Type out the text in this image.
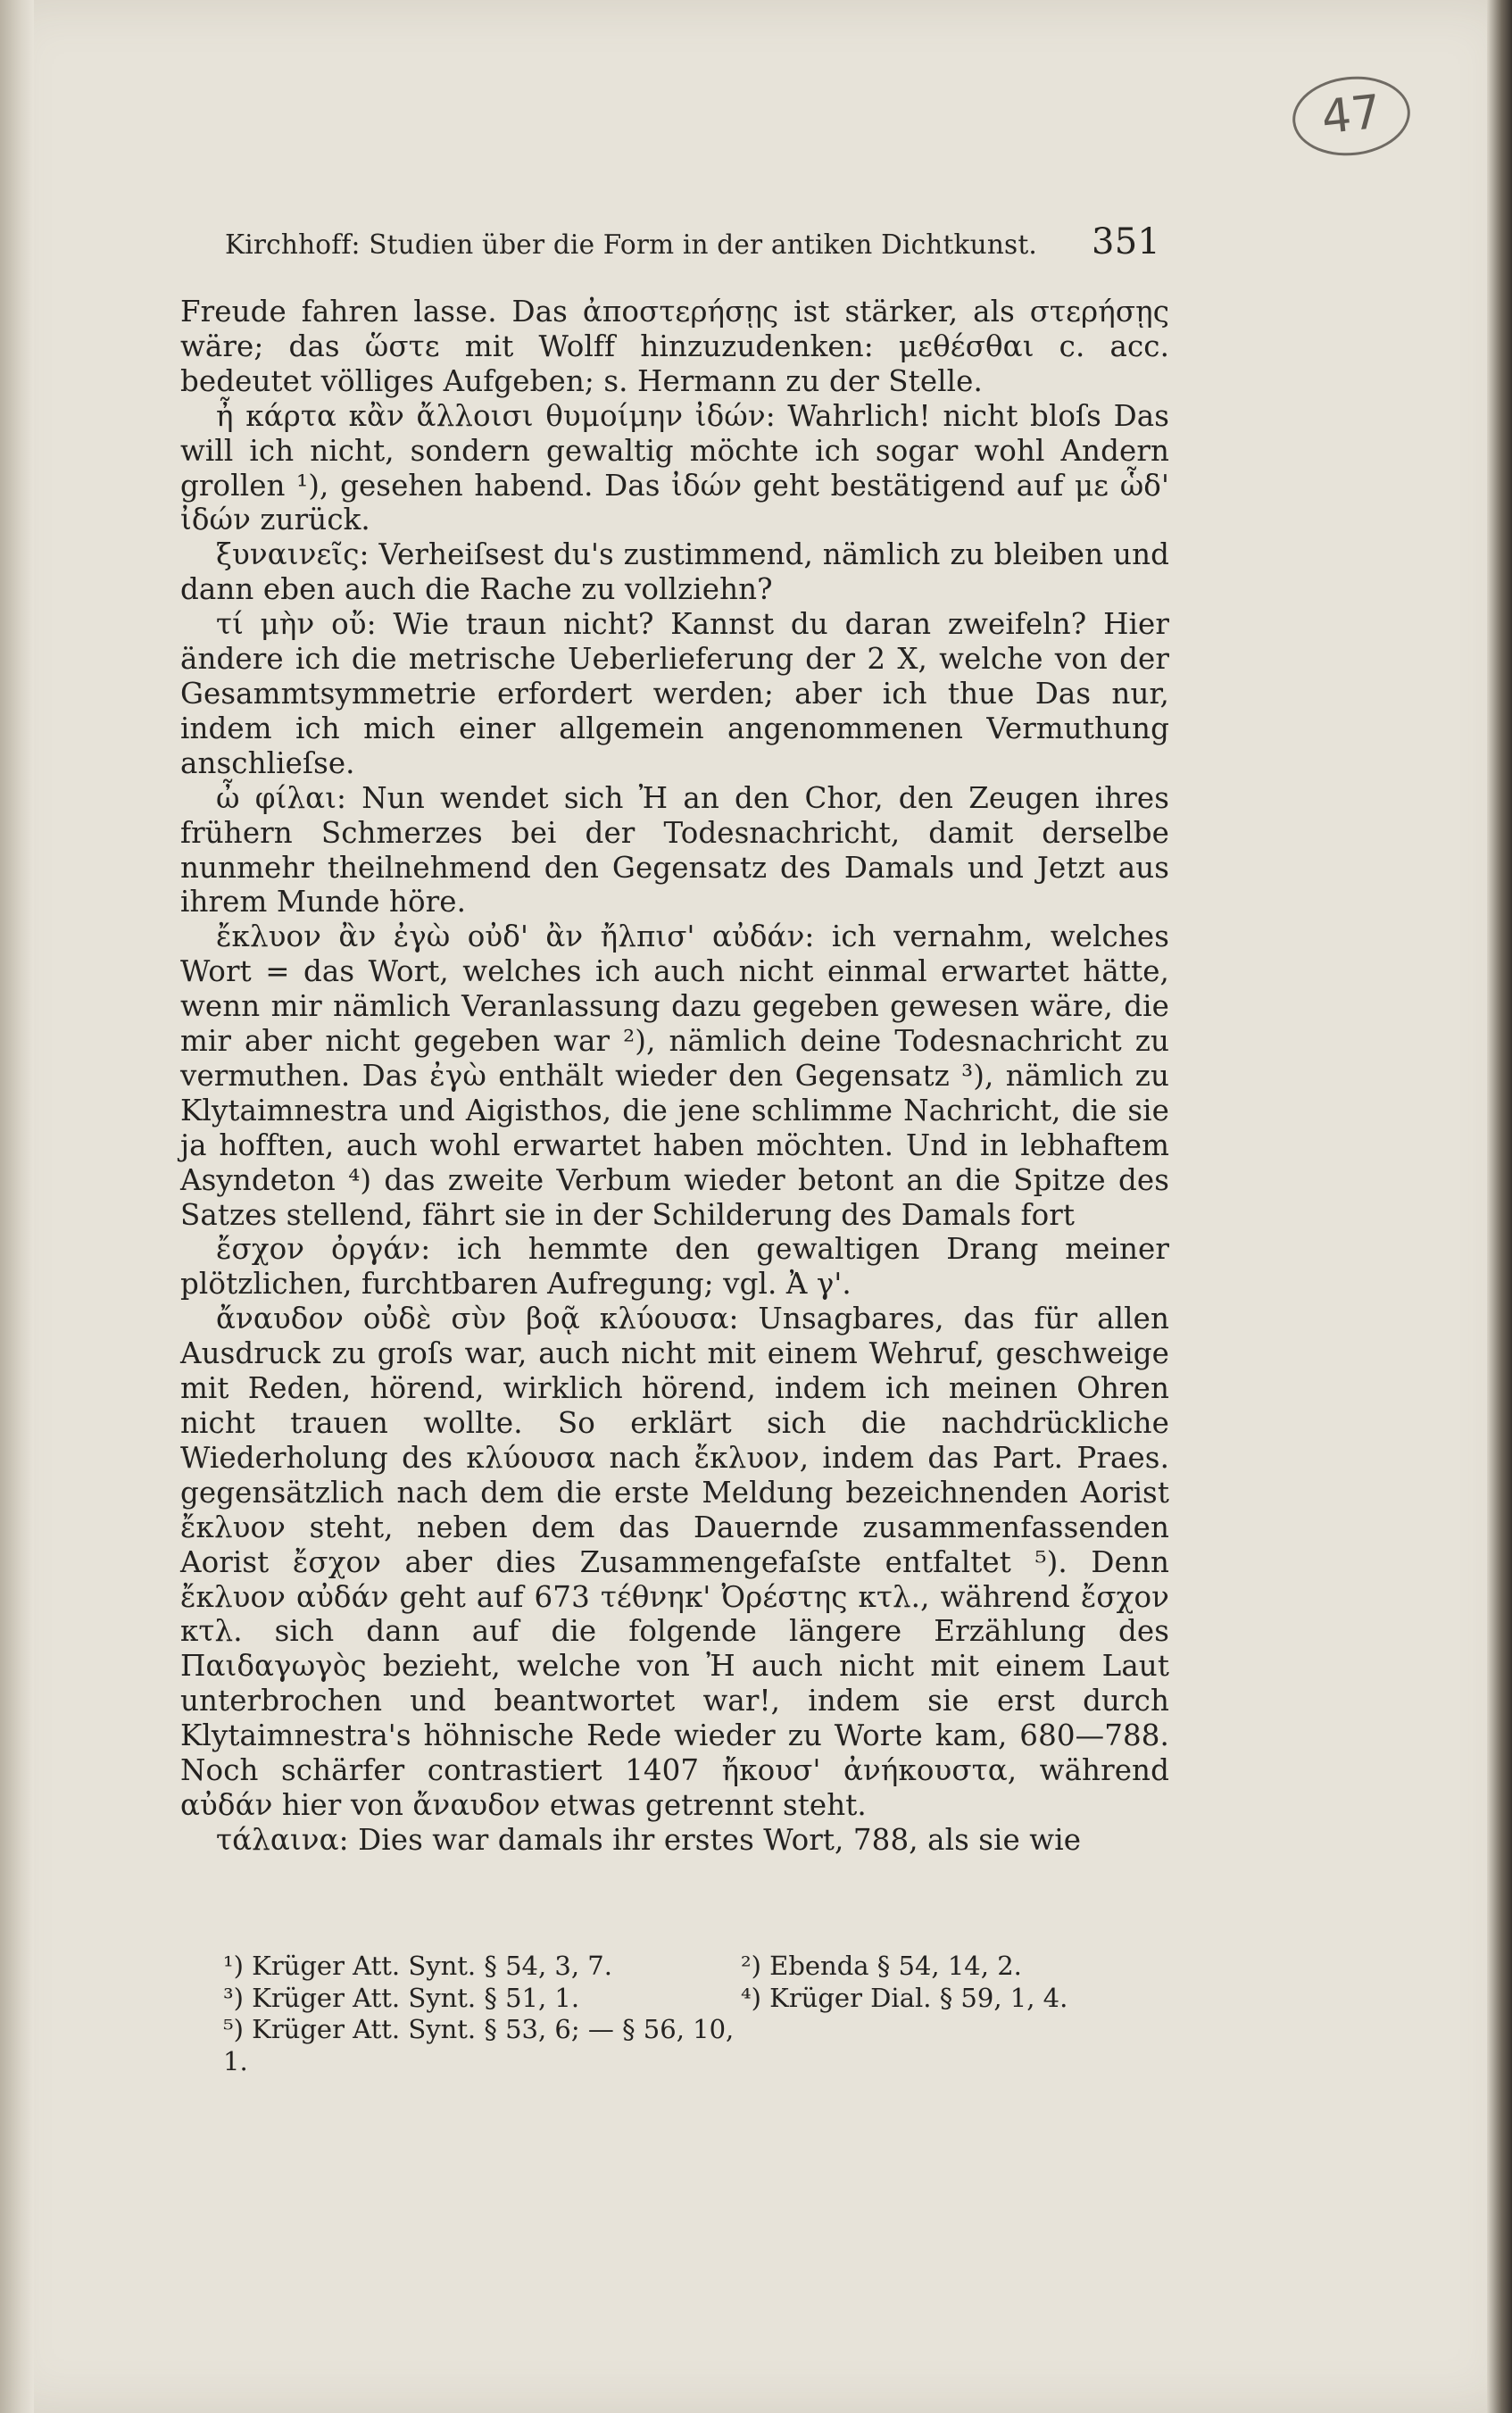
47
Kirchhoff: Studien über die Form in der antiken Dichtkunst. 351

Freude fahren lasse. Das ἀποστερήσῃς ist stärker, als στερήσῃς wäre; das ὥστε mit Wolff hinzuzudenken: μεθέσθαι c. acc. bedeutet völliges Aufgeben; s. Hermann zu der Stelle.

ἦ κάρτα κἂν ἄλλοισι θυμοίμην ἰδών: Wahrlich! nicht bloſs Das will ich nicht, sondern gewaltig möchte ich sogar wohl Andern grollen ¹), gesehen habend. Das ἰδών geht bestätigend auf με ὧδ' ἰδών zurück.

ξυναινεῖς: Verheiſsest du's zustimmend, nämlich zu bleiben und dann eben auch die Rache zu vollziehn?

τί μὴν οὔ: Wie traun nicht? Kannst du daran zweifeln? Hier ändere ich die metrische Ueberlieferung der 2 X, welche von der Gesammtsymmetrie erfordert werden; aber ich thue Das nur, indem ich mich einer allgemein angenommenen Vermuthung anschlieſse.

ὦ φίλαι: Nun wendet sich Ἠ an den Chor, den Zeugen ihres frühern Schmerzes bei der Todesnachricht, damit derselbe nunmehr theilnehmend den Gegensatz des Damals und Jetzt aus ihrem Munde höre.

ἔκλυον ἂν ἐγὼ οὐδ' ἂν ἤλπισ' αὐδάν: ich vernahm, welches Wort = das Wort, welches ich auch nicht einmal erwartet hätte, wenn mir nämlich Veranlassung dazu gegeben gewesen wäre, die mir aber nicht gegeben war ²), nämlich deine Todesnachricht zu vermuthen. Das ἐγὼ enthält wieder den Gegensatz ³), nämlich zu Klytaimnestra und Aigisthos, die jene schlimme Nachricht, die sie ja hofften, auch wohl erwartet haben möchten. Und in lebhaftem Asyndeton ⁴) das zweite Verbum wieder betont an die Spitze des Satzes stellend, fährt sie in der Schilderung des Damals fort

ἔσχον ὀργάν: ich hemmte den gewaltigen Drang meiner plötzlichen, furchtbaren Aufregung; vgl. Ἀ γ'.

ἄναυδον οὐδὲ σὺν βοᾷ κλύουσα: Unsagbares, das für allen Ausdruck zu groſs war, auch nicht mit einem Wehruf, geschweige mit Reden, hörend, wirklich hörend, indem ich meinen Ohren nicht trauen wollte. So erklärt sich die nachdrückliche Wiederholung des κλύουσα nach ἔκλυον, indem das Part. Praes. gegensätzlich nach dem die erste Meldung bezeichnenden Aorist ἔκλυον steht, neben dem das Dauernde zusammenfassenden Aorist ἔσχον aber dies Zusammengefaſste entfaltet ⁵). Denn ἔκλυον αὐδάν geht auf 673 τέθνηκ' Ὀρέστης κτλ., während ἔσχον κτλ. sich dann auf die folgende längere Erzählung des Παιδαγωγὸς bezieht, welche von Ἠ auch nicht mit einem Laut unterbrochen und beantwortet war!, indem sie erst durch Klytaimnestra's höhnische Rede wieder zu Worte kam, 680—788. Noch schärfer contrastiert 1407 ἤκουσ' ἀνήκουστα, während αὐδάν hier von ἄναυδον etwas getrennt steht.

τάλαινα: Dies war damals ihr erstes Wort, 788, als sie wie

¹) Krüger Att. Synt. § 54, 3, 7.	²) Ebenda § 54, 14, 2.
³) Krüger Att. Synt. § 51, 1.	⁴) Krüger Dial. § 59, 1, 4.
⁵) Krüger Att. Synt. § 53, 6; — § 56, 10, 1.
